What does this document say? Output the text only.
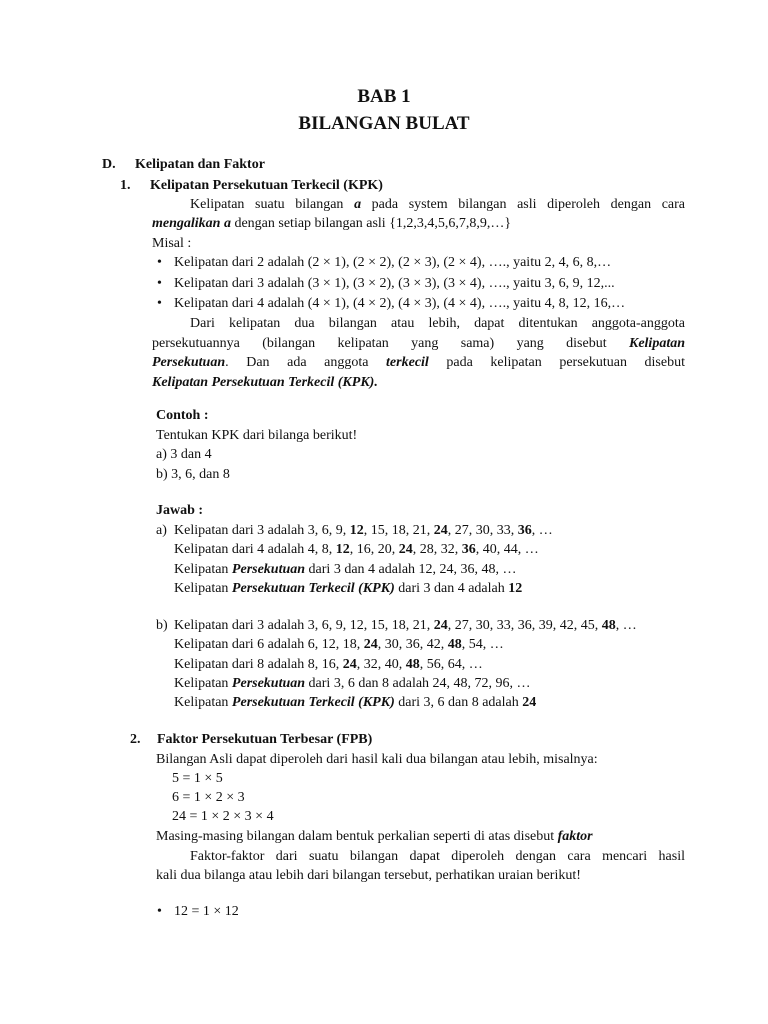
BAB 1
BILANGAN BULAT
D. Kelipatan dan Faktor
1. Kelipatan Persekutuan Terkecil (KPK)
Kelipatan suatu bilangan a pada system bilangan asli diperoleh dengan cara
mengalikan a dengan setiap bilangan asli {1,2,3,4,5,6,7,8,9,…}
Misal :
• Kelipatan dari 2 adalah (2 × 1), (2 × 2), (2 × 3), (2 × 4), …., yaitu 2, 4, 6, 8,…
• Kelipatan dari 3 adalah (3 × 1), (3 × 2), (3 × 3), (3 × 4), …., yaitu 3, 6, 9, 12,...
• Kelipatan dari 4 adalah (4 × 1), (4 × 2), (4 × 3), (4 × 4), …., yaitu 4, 8, 12, 16,…
Dari kelipatan dua bilangan atau lebih, dapat ditentukan anggota-anggota
persekutuannya (bilangan kelipatan yang sama) yang disebut Kelipatan
Persekutuan. Dan ada anggota terkecil pada kelipatan persekutuan disebut
Kelipatan Persekutuan Terkecil (KPK).
Contoh :
Tentukan KPK dari bilanga berikut!
a) 3 dan 4
b) 3, 6, dan 8
Jawab :
a) Kelipatan dari 3 adalah 3, 6, 9, 12, 15, 18, 21, 24, 27, 30, 33, 36, …
Kelipatan dari 4 adalah 4, 8, 12, 16, 20, 24, 28, 32, 36, 40, 44, …
Kelipatan Persekutuan dari 3 dan 4 adalah 12, 24, 36, 48, …
Kelipatan Persekutuan Terkecil (KPK) dari 3 dan 4 adalah 12
b) Kelipatan dari 3 adalah 3, 6, 9, 12, 15, 18, 21, 24, 27, 30, 33, 36, 39, 42, 45, 48, …
Kelipatan dari 6 adalah 6, 12, 18, 24, 30, 36, 42, 48, 54, …
Kelipatan dari 8 adalah 8, 16, 24, 32, 40, 48, 56, 64, …
Kelipatan Persekutuan dari 3, 6 dan 8 adalah 24, 48, 72, 96, …
Kelipatan Persekutuan Terkecil (KPK) dari 3, 6 dan 8 adalah 24
2. Faktor Persekutuan Terbesar (FPB)
Bilangan Asli dapat diperoleh dari hasil kali dua bilangan atau lebih, misalnya:
5 = 1 × 5
6 = 1 × 2 × 3
24 = 1 × 2 × 3 × 4
Masing-masing bilangan dalam bentuk perkalian seperti di atas disebut faktor
Faktor-faktor dari suatu bilangan dapat diperoleh dengan cara mencari hasil
kali dua bilanga atau lebih dari bilangan tersebut, perhatikan uraian berikut!
• 12 = 1 × 12
